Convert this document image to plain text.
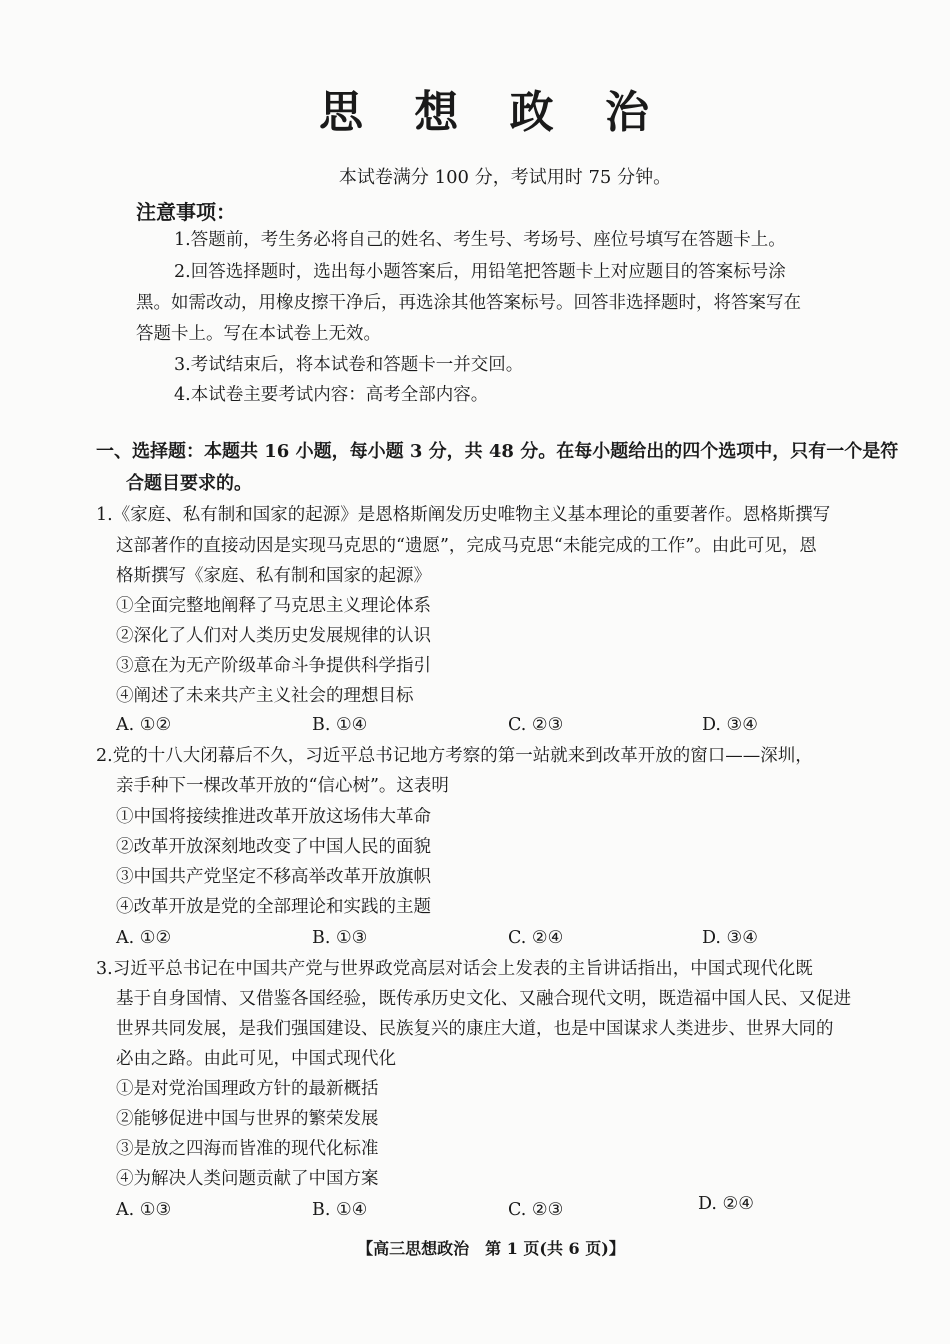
思 想 政 治
本试卷满分 100 分，考试用时 75 分钟。
注意事项：
1.答题前，考生务必将自己的姓名、考生号、考场号、座位号填写在答题卡上。
2.回答选择题时，选出每小题答案后，用铅笔把答题卡上对应题目的答案标号涂
黑。如需改动，用橡皮擦干净后，再选涂其他答案标号。回答非选择题时，将答案写在
答题卡上。写在本试卷上无效。
3.考试结束后，将本试卷和答题卡一并交回。
4.本试卷主要考试内容：高考全部内容。
一、选择题：本题共 16 小题，每小题 3 分，共 48 分。在每小题给出的四个选项中，只有一个是符
合题目要求的。
1.《家庭、私有制和国家的起源》是恩格斯阐发历史唯物主义基本理论的重要著作。恩格斯撰写
这部著作的直接动因是实现马克思的“遗愿”，完成马克思“未能完成的工作”。由此可见，恩
格斯撰写《家庭、私有制和国家的起源》
①全面完整地阐释了马克思主义理论体系
②深化了人们对人类历史发展规律的认识
③意在为无产阶级革命斗争提供科学指引
④阐述了未来共产主义社会的理想目标
A. ①②	B. ①④	C. ②③	D. ③④
2.党的十八大闭幕后不久，习近平总书记地方考察的第一站就来到改革开放的窗口——深圳，
亲手种下一棵改革开放的“信心树”。这表明
①中国将接续推进改革开放这场伟大革命
②改革开放深刻地改变了中国人民的面貌
③中国共产党坚定不移高举改革开放旗帜
④改革开放是党的全部理论和实践的主题
A. ①②	B. ①③	C. ②④	D. ③④
3.习近平总书记在中国共产党与世界政党高层对话会上发表的主旨讲话指出，中国式现代化既
基于自身国情、又借鉴各国经验，既传承历史文化、又融合现代文明，既造福中国人民、又促进
世界共同发展，是我们强国建设、民族复兴的康庄大道，也是中国谋求人类进步、世界大同的
必由之路。由此可见，中国式现代化
①是对党治国理政方针的最新概括
②能够促进中国与世界的繁荣发展
③是放之四海而皆准的现代化标准
④为解决人类问题贡献了中国方案
A. ①③	B. ①④	C. ②③	D. ②④
【高三思想政治　第 1 页(共 6 页)】
